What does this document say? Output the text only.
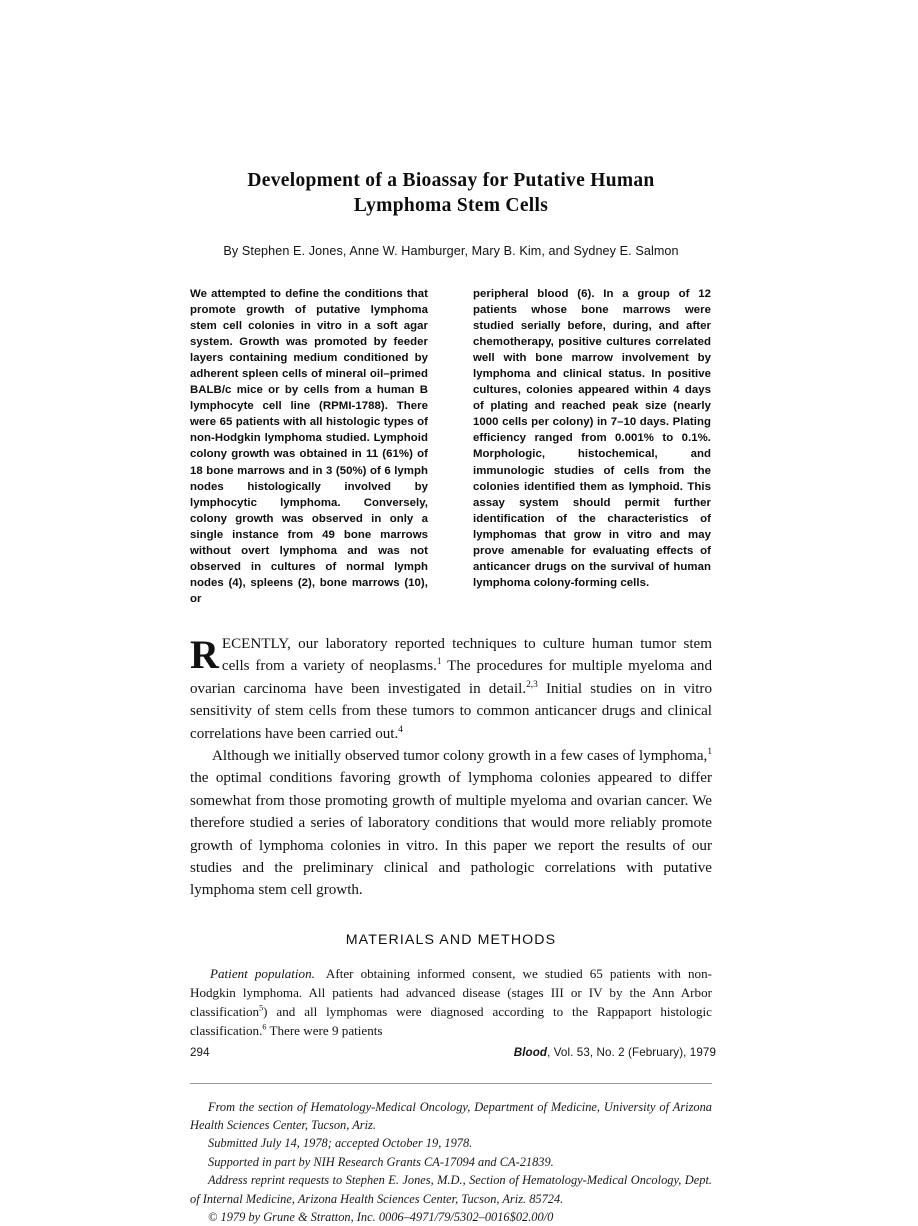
Development of a Bioassay for Putative Human
Lymphoma Stem Cells
By Stephen E. Jones, Anne W. Hamburger, Mary B. Kim, and Sydney E. Salmon

We attempted to define the conditions that promote growth of putative lymphoma stem cell colonies in vitro in a soft agar system. Growth was promoted by feeder layers containing medium conditioned by adherent spleen cells of mineral oil–primed BALB/c mice or by cells from a human B lymphocyte cell line (RPMI-1788). There were 65 patients with all histologic types of non-Hodgkin lymphoma studied. Lymphoid colony growth was obtained in 11 (61%) of 18 bone marrows and in 3 (50%) of 6 lymph nodes histologically involved by lymphocytic lymphoma. Conversely, colony growth was observed in only a single instance from 49 bone marrows without overt lymphoma and was not observed in cultures of normal lymph nodes (4), spleens (2), bone marrows (10), or

peripheral blood (6). In a group of 12 patients whose bone marrows were studied serially before, during, and after chemotherapy, positive cultures correlated well with bone marrow involvement by lymphoma and clinical status. In positive cultures, colonies appeared within 4 days of plating and reached peak size (nearly 1000 cells per colony) in 7–10 days. Plating efficiency ranged from 0.001% to 0.1%. Morphologic, histochemical, and immunologic studies of cells from the colonies identified them as lymphoid. This assay system should permit further identification of the characteristics of lymphomas that grow in vitro and may prove amenable for evaluating effects of anticancer drugs on the survival of human lymphoma colony-forming cells.

RECENTLY, our laboratory reported techniques to culture human tumor stem cells from a variety of neoplasms.$^1$ The procedures for multiple myeloma and ovarian carcinoma have been investigated in detail.$^{2,3}$ Initial studies on in vitro sensitivity of stem cells from these tumors to common anticancer drugs and clinical correlations have been carried out.$^4$

Although we initially observed tumor colony growth in a few cases of lymphoma,$^1$ the optimal conditions favoring growth of lymphoma colonies appeared to differ somewhat from those promoting growth of multiple myeloma and ovarian cancer. We therefore studied a series of laboratory conditions that would more reliably promote growth of lymphoma colonies in vitro. In this paper we report the results of our studies and the preliminary clinical and pathologic correlations with putative lymphoma stem cell growth.

MATERIALS AND METHODS

Patient population. After obtaining informed consent, we studied 65 patients with non-Hodgkin lymphoma. All patients had advanced disease (stages III or IV by the Ann Arbor classification$^5$) and all lymphomas were diagnosed according to the Rappaport histologic classification.$^6$ There were 9 patients

From the section of Hematology-Medical Oncology, Department of Medicine, University of Arizona Health Sciences Center, Tucson, Ariz.

Submitted July 14, 1978; accepted October 19, 1978.

Supported in part by NIH Research Grants CA-17094 and CA-21839.

Address reprint requests to Stephen E. Jones, M.D., Section of Hematology-Medical Oncology, Dept. of Internal Medicine, Arizona Health Sciences Center, Tucson, Ariz. 85724.

© 1979 by Grune & Stratton, Inc. 0006–4971/79/5302–0016$02.00/0

294	Blood, Vol. 53, No. 2 (February), 1979
